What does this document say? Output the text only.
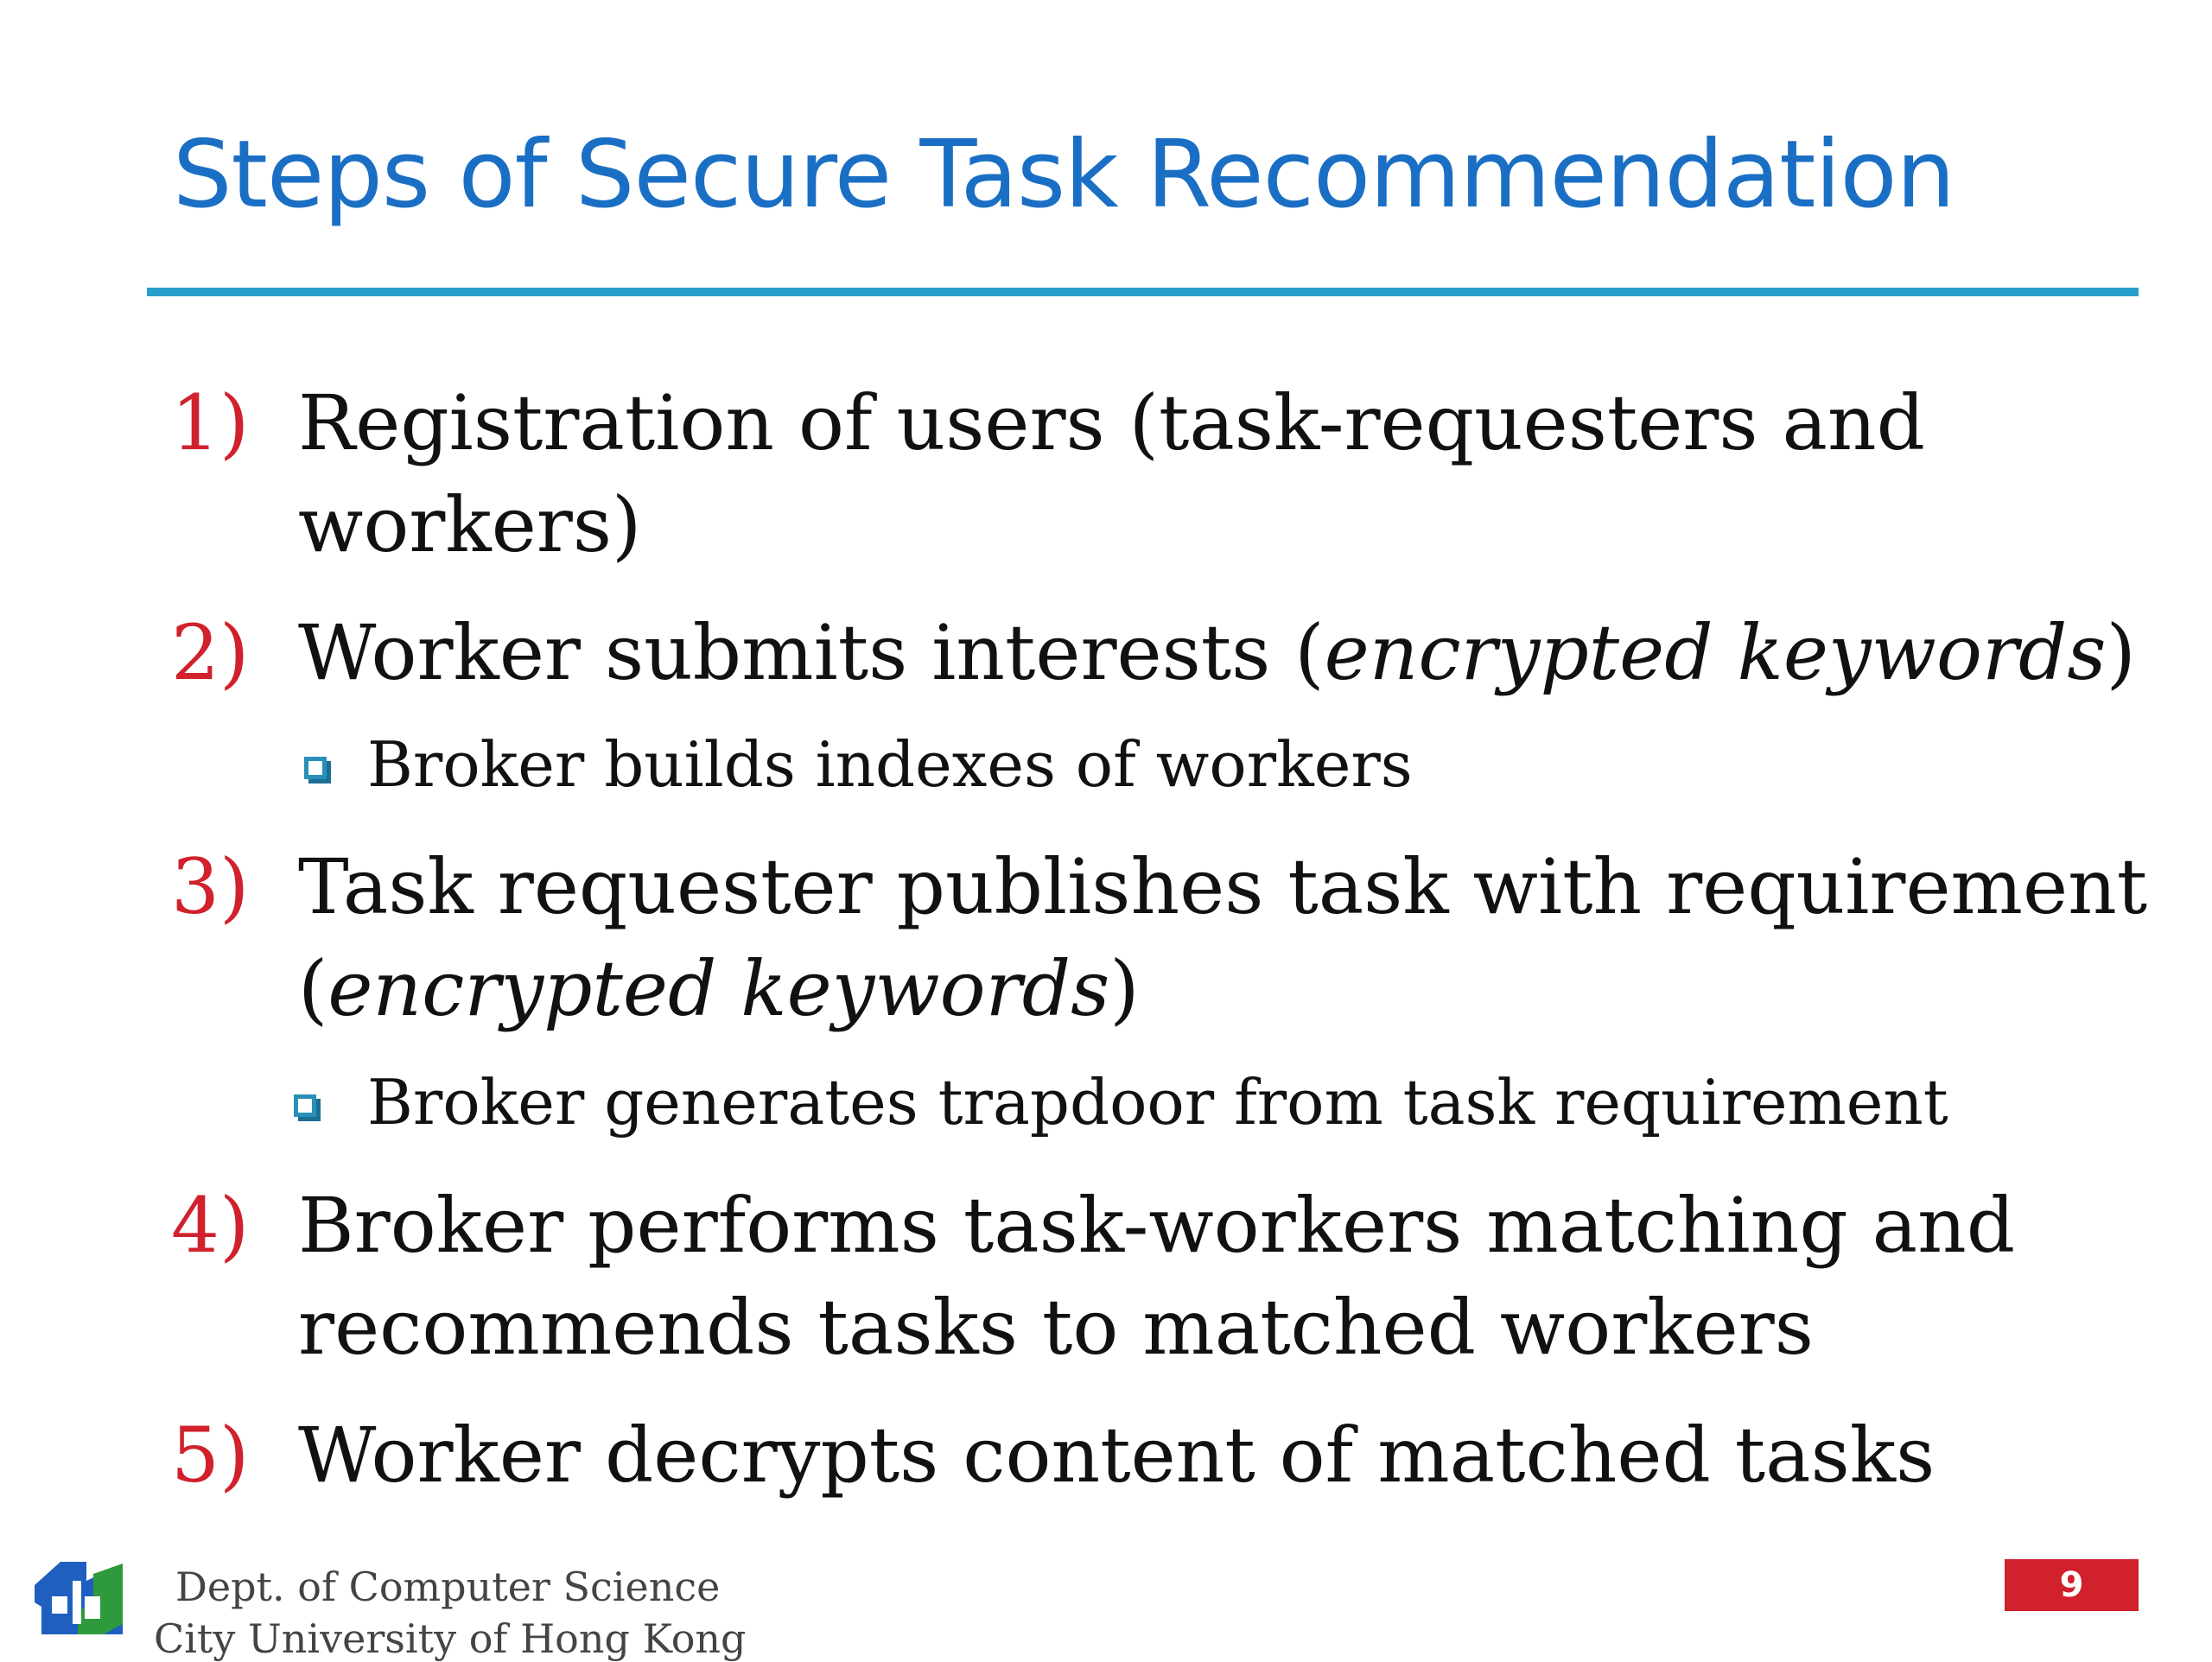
Steps of Secure Task Recommendation
1) Registration of users (task-requesters and
workers)
2) Worker submits interests (encrypted keywords)
Broker builds indexes of workers
3) Task requester publishes task with requirement
(encrypted keywords)
Broker generates trapdoor from task requirement
4) Broker performs task-workers matching and
recommends tasks to matched workers
5) Worker decrypts content of matched tasks
Dept. of Computer Science
City University of Hong Kong
9
